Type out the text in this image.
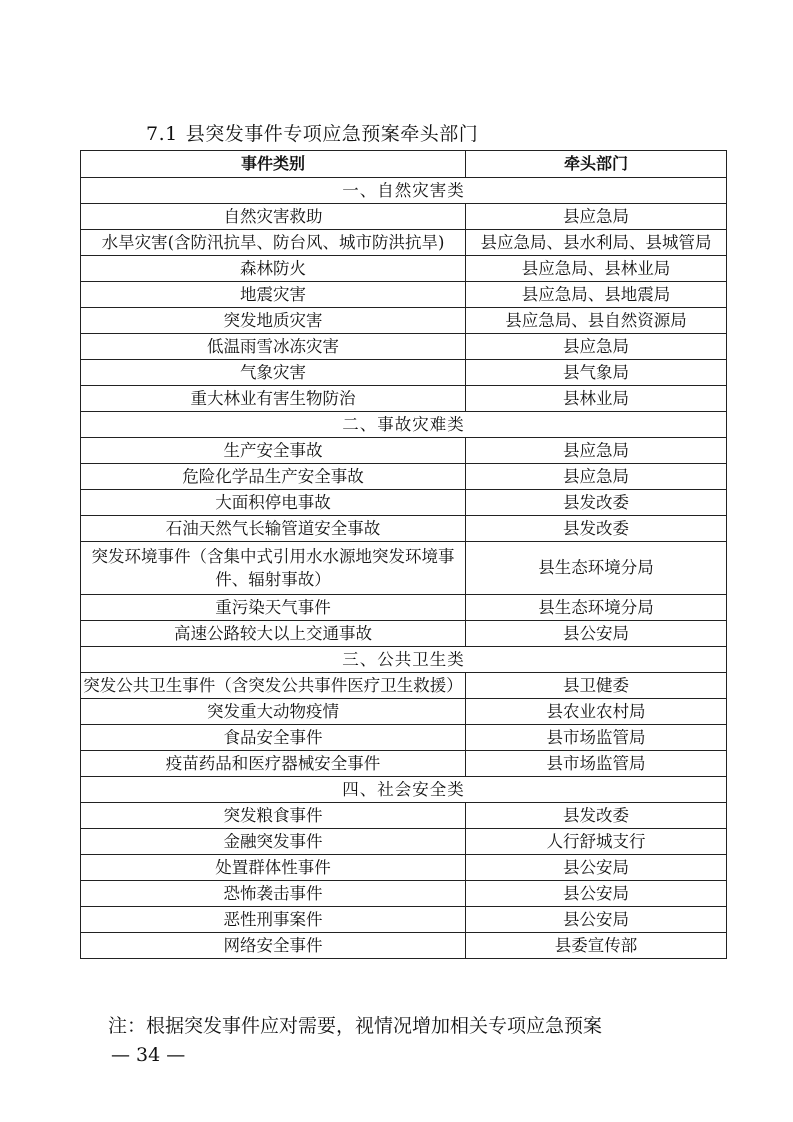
7.1 县突发事件专项应急预案牵头部门
事件类别	牵头部门
一、自然灾害类	
自然灾害救助	县应急局
水旱灾害(含防汛抗旱、防台风、城市防洪抗旱)	县应急局、县水利局、县城管局
森林防火	县应急局、县林业局
地震灾害	县应急局、县地震局
突发地质灾害	县应急局、县自然资源局
低温雨雪冰冻灾害	县应急局
气象灾害	县气象局
重大林业有害生物防治	县林业局
二、事故灾难类	
生产安全事故	县应急局
危险化学品生产安全事故	县应急局
大面积停电事故	县发改委
石油天然气长输管道安全事故	县发改委
突发环境事件（含集中式引用水水源地突发环境事件、辐射事故）	县生态环境分局
重污染天气事件	县生态环境分局
高速公路较大以上交通事故	县公安局
三、公共卫生类	
突发公共卫生事件（含突发公共事件医疗卫生救援）	县卫健委
突发重大动物疫情	县农业农村局
食品安全事件	县市场监管局
疫苗药品和医疗器械安全事件	县市场监管局
四、社会安全类	
突发粮食事件	县发改委
金融突发事件	人行舒城支行
处置群体性事件	县公安局
恐怖袭击事件	县公安局
恶性刑事案件	县公安局
网络安全事件	县委宣传部
注：根据突发事件应对需要，视情况增加相关专项应急预案
— 34 —
